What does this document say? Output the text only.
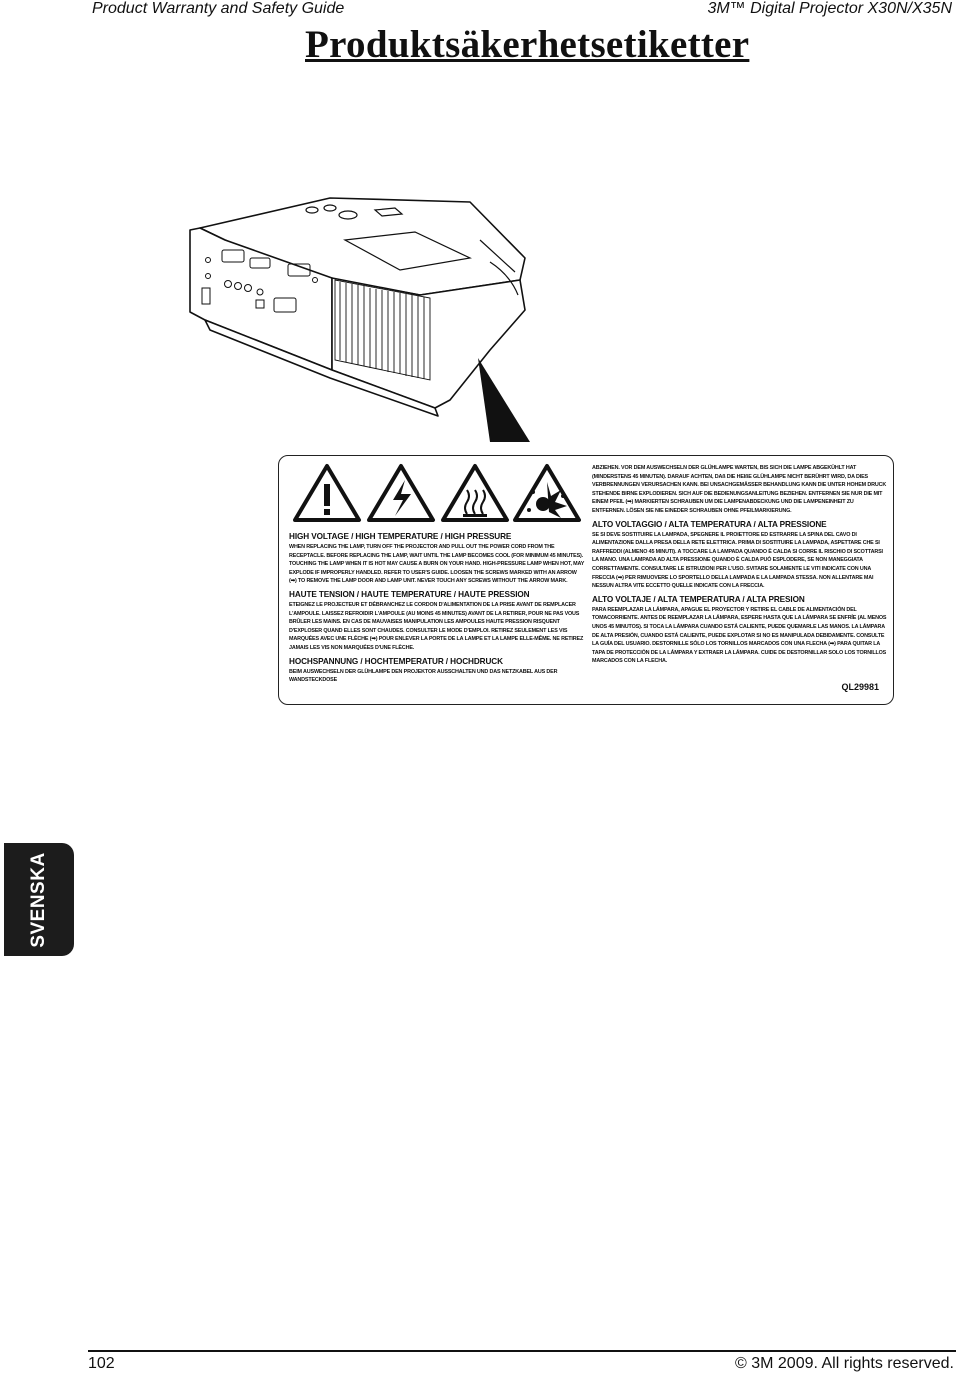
Product Warranty and Safety Guide	3M™ Digital Projector X30N/X35N
Produktsäkerhetsetiketter

HIGH VOLTAGE / HIGH TEMPERATURE / HIGH PRESSURE

WHEN REPLACING THE LAMP, TURN OFF THE PROJECTOR AND PULL OUT THE POWER CORD FROM THE RECEPTACLE. BEFORE REPLACING THE LAMP, WAIT UNTIL THE LAMP BECOMES COOL (FOR MINIMUM 45 MINUTES). TOUCHING THE LAMP WHEN IT IS HOT MAY CAUSE A BURN ON YOUR HAND. HIGH-PRESSURE LAMP WHEN HOT, MAY EXPLODE IF IMPROPERLY HANDLED. REFER TO USER'S GUIDE. LOOSEN THE SCREWS MARKED WITH AN ARROW (➡) TO REMOVE THE LAMP DOOR AND LAMP UNIT. NEVER TOUCH ANY SCREWS WITHOUT THE ARROW MARK.

HAUTE TENSION / HAUTE TEMPERATURE / HAUTE PRESSION

ETEIGNEZ LE PROJECTEUR ET DÉBRANCHEZ LE CORDON D'ALIMENTATION DE LA PRISE AVANT DE REMPLACER L'AMPOULE. LAISSEZ REFROIDIR L'AMPOULE (AU MOINS 45 MINUTES) AVANT DE LA RETIRER, POUR NE PAS VOUS BRÛLER LES MAINS. EN CAS DE MAUVAISES MANIPULATION LES AMPOULES HAUTE PRESSION RISQUENT D'EXPLOSER QUAND ELLES SONT CHAUDES. CONSULTER LE MODE D'EMPLOI. RETIREZ SEULEMENT LES VIS MARQUÉES AVEC UNE FLÈCHE (➡) POUR ENLEVER LA PORTE DE LA LAMPE ET LA LAMPE ELLE-MÊME. NE RETIREZ JAMAIS LES VIS NON MARQUÉES D'UNE FLÈCHE.

HOCHSPANNUNG / HOCHTEMPERATUR / HOCHDRUCK

BEIM AUSWECHSELN DER GLÜHLAMPE DEN PROJEKTOR AUSSCHALTEN UND DAS NETZKABEL AUS DER WANDSTECKDOSE

ABZIEHEN. VOR DEM AUSWECHSELN DER GLÜHLAMPE WARTEN, BIS SICH DIE LAMPE ABGEKÜHLT HAT (MINDERSTENS 45 MINUTEN). DARAUF ACHTEN, DAß DIE HEIßE GLÜHLAMPE NICHT BERÜHRT WIRD, DA DIES VERBRENNUNGEN VERURSACHEN KANN. BEI UNSACHGEMÄSSER BEHANDLUNG KANN DIE UNTER HOHEM DRUCK STEHENDE BIRNE EXPLODIEREN. SICH AUF DIE BEDIENUNGSANLEITUNG BEZIEHEN. ENTFERNEN SIE NUR DIE MIT EINEM PFEIL (➡) MARKIERTEN SCHRAUBEN UM DIE LAMPENABDECKUNG UND DIE LAMPENEINHEIT ZU ENTFERNEN. LÖSEN SIE NIE EINEDER SCHRAUBEN OHNE PFEILMARKIERUNG.

ALTO VOLTAGGIO / ALTA TEMPERATURA / ALTA PRESSIONE

SE SI DEVE SOSTITUIRE LA LAMPADA, SPEGNERE IL PROIETTORE ED ESTRARRE LA SPINA DEL CAVO DI ALIMENTAZIONE DALLA PRESA DELLA RETE ELETTRICA. PRIMA DI SOSTITUIRE LA LAMPADA, ASPETTARE CHE SI RAFFREDDI (ALMENO 45 MINUTI). A TOCCARE LA LAMPADA QUANDO È CALDA SI CORRE IL RISCHIO DI SCOTTARSI LA MANO. UNA LAMPADA AD ALTA PRESSIONE QUANDO È CALDA PUÒ ESPLODERE, SE NON MANEGGIATA CORRETTAMENTE. CONSULTARE LE ISTRUZIONI PER L'USO. SVITARE SOLAMENTE LE VITI INDICATE CON UNA FRECCIA (➡) PER RIMUOVERE LO SPORTELLO DELLA LAMPADA E LA LAMPADA STESSA. NON ALLENTARE MAI NESSUN ALTRA VITE ECCETTO QUELLE INDICATE CON LA FRECCIA.

ALTO VOLTAJE / ALTA TEMPERATURA / ALTA PRESION

PARA REEMPLAZAR LA LÁMPARA, APAGUE EL PROYECTOR Y RETIRE EL CABLE DE ALIMENTACIÓN DEL TOMACORRIENTE. ANTES DE REEMPLAZAR LA LÁMPARA, ESPERE HASTA QUE LA LÁMPARA SE ENFRÍE (AL MENOS UNOS 45 MINUTOS). SI TOCA LA LÁMPARA CUANDO ESTÁ CALIENTE, PUEDE QUEMARLE LAS MANOS. LA LÁMPARA DE ALTA PRESIÓN, CUANDO ESTÁ CALIENTE, PUEDE EXPLOTAR SI NO ES MANIPULADA DEBIDAMENTE. CONSULTE LA GUÍA DEL USUARIO. DESTORNILLE SÓLO LOS TORNILLOS MARCADOS CON UNA FLECHA (➡) PARA QUITAR LA TAPA DE PROTECCIÓN DE LA LÁMPARA Y EXTRAER LA LÁMPARA. CUIDE DE DESTORNILLAR SOLO LOS TORNILLOS MARCADOS CON LA FLECHA.

QL29981
SVENSKA
102	© 3M 2009. All rights reserved.
